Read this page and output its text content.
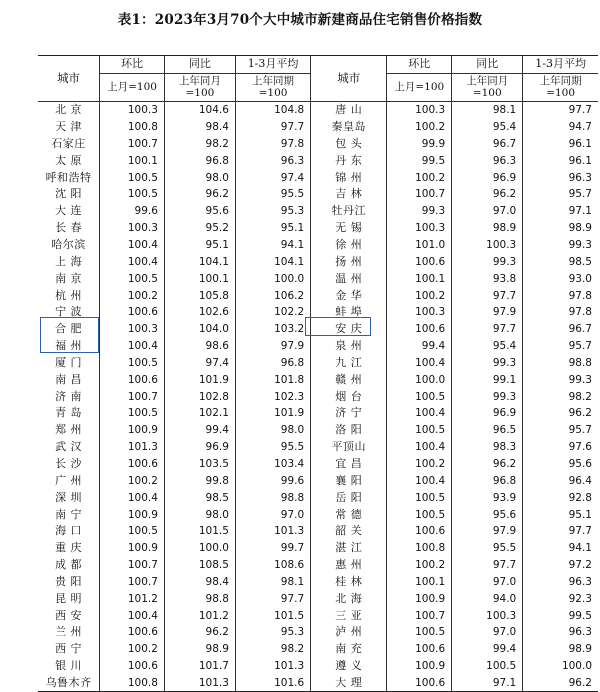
表1：2023年3月70个大中城市新建商品住宅销售价格指数
城市	环比	同比	1-3月平均	城市	环比	同比	1-3月平均
	上月=100	上年同月=100	上年同期=100		上月=100	上年同月=100	上年同期=100
北 京	100.3	104.6	104.8	唐 山	100.3	98.1	97.7
天 津	100.8	98.4	97.7	秦皇岛	100.2	95.4	94.7
石家庄	100.7	98.2	97.8	包 头	99.9	96.7	96.1
太 原	100.1	96.8	96.3	丹 东	99.5	96.3	96.1
呼和浩特	100.5	98.0	97.4	锦 州	100.2	96.9	96.3
沈 阳	100.5	96.2	95.5	吉 林	100.7	96.2	95.7
大 连	99.6	95.6	95.3	牡丹江	99.3	97.0	97.1
长 春	100.3	95.2	95.1	无 锡	100.3	98.9	98.9
哈尔滨	100.4	95.1	94.1	徐 州	101.0	100.3	99.3
上 海	100.4	104.1	104.1	扬 州	100.6	99.3	98.5
南 京	100.5	100.1	100.0	温 州	100.1	93.8	93.0
杭 州	100.2	105.8	106.2	金 华	100.2	97.7	97.8
宁 波	100.6	102.6	102.2	蚌 埠	100.3	97.9	97.8
合 肥	100.3	104.0	103.2	安 庆	100.6	97.7	96.7
福 州	100.4	98.6	97.9	泉 州	99.4	95.4	95.7
厦 门	100.5	97.4	96.8	九 江	100.4	99.3	98.8
南 昌	100.6	101.9	101.8	赣 州	100.0	99.1	99.3
济 南	100.7	102.8	102.3	烟 台	100.5	99.3	98.2
青 岛	100.5	102.1	101.9	济 宁	100.4	96.9	96.2
郑 州	100.9	99.4	98.0	洛 阳	100.5	96.5	95.7
武 汉	101.3	96.9	95.5	平顶山	100.4	98.3	97.6
长 沙	100.6	103.5	103.4	宜 昌	100.2	96.2	95.6
广 州	100.2	99.8	99.6	襄 阳	100.4	96.8	96.4
深 圳	100.4	98.5	98.8	岳 阳	100.5	93.9	92.8
南 宁	100.9	98.0	97.0	常 德	100.5	95.6	95.1
海 口	100.5	101.5	101.3	韶 关	100.6	97.9	97.7
重 庆	100.9	100.0	99.7	湛 江	100.8	95.5	94.1
成 都	100.7	108.5	108.6	惠 州	100.2	97.7	97.2
贵 阳	100.7	98.4	98.1	桂 林	100.1	97.0	96.3
昆 明	101.2	98.8	97.7	北 海	100.9	94.0	92.3
西 安	100.4	101.2	101.5	三 亚	100.7	100.3	99.5
兰 州	100.6	96.2	95.3	泸 州	100.5	97.0	96.3
西 宁	100.2	98.9	98.2	南 充	100.6	99.4	98.9
银 川	100.6	101.7	101.3	遵 义	100.9	100.5	100.0
乌鲁木齐	100.8	101.3	101.6	大 理	100.6	97.1	96.2
